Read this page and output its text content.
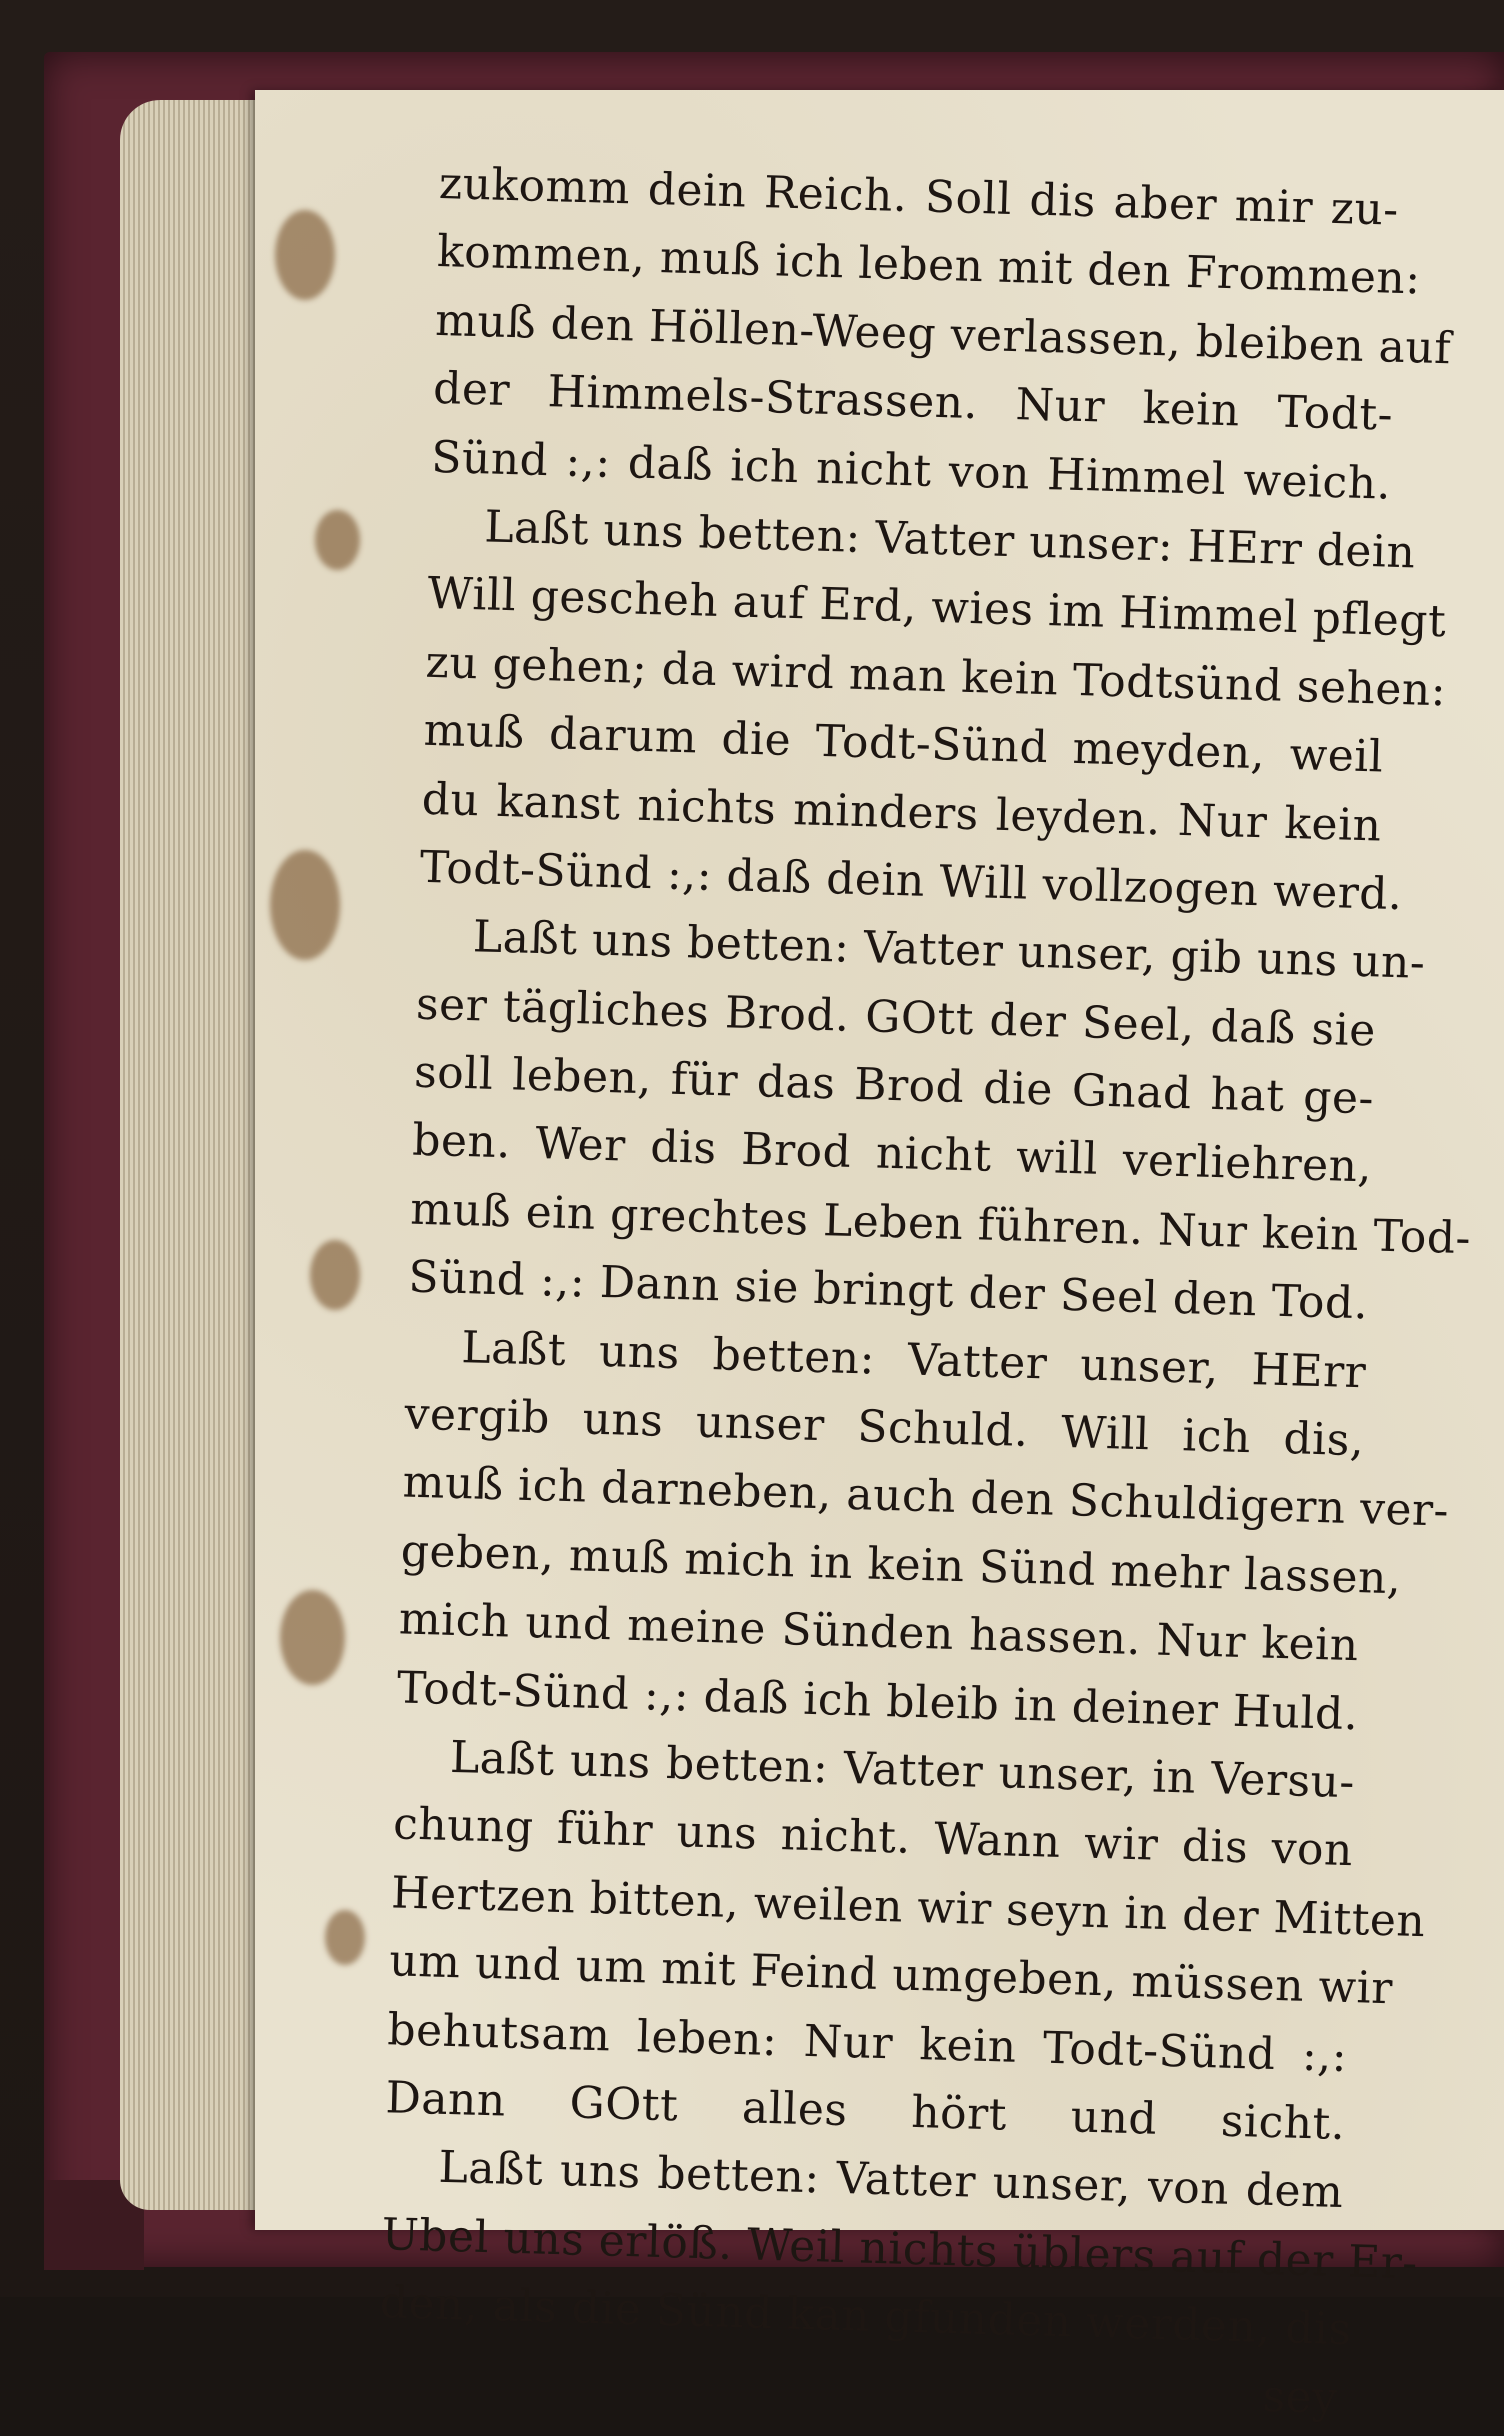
zukomm dein Reich. Soll dis aber mir zu-
kommen, muß ich leben mit den Frommen:
muß den Höllen-Weeg verlassen, bleiben auf
der Himmels-Strassen. Nur kein Todt-
Sünd :,: daß ich nicht von Himmel weich.
Laßt uns betten: Vatter unser: HErr dein
Will gescheh auf Erd, wies im Himmel pflegt
zu gehen; da wird man kein Todtsünd sehen:
muß darum die Todt-Sünd meyden, weil
du kanst nichts minders leyden. Nur kein
Todt-Sünd :,: daß dein Will vollzogen werd.
Laßt uns betten: Vatter unser, gib uns un-
ser tägliches Brod. GOtt der Seel, daß sie
soll leben, für das Brod die Gnad hat ge-
ben. Wer dis Brod nicht will verliehren,
muß ein grechtes Leben führen. Nur kein Tod-
Sünd :,: Dann sie bringt der Seel den Tod.
Laßt uns betten: Vatter unser, HErr
vergib uns unser Schuld. Will ich dis,
muß ich darneben, auch den Schuldigern ver-
geben, muß mich in kein Sünd mehr lassen,
mich und meine Sünden hassen. Nur kein
Todt-Sünd :,: daß ich bleib in deiner Huld.
Laßt uns betten: Vatter unser, in Versu-
chung führ uns nicht. Wann wir dis von
Hertzen bitten, weilen wir seyn in der Mitten
um und um mit Feind umgeben, müssen wir
behutsam leben: Nur kein Todt-Sünd :,:
Dann GOtt alles hört und sicht.
Laßt uns betten: Vatter unser, von dem
Ubel uns erlöß. Weil nichts üblers auf der Er-
den, als die Sünd kan gfunden werden, dis
sey
